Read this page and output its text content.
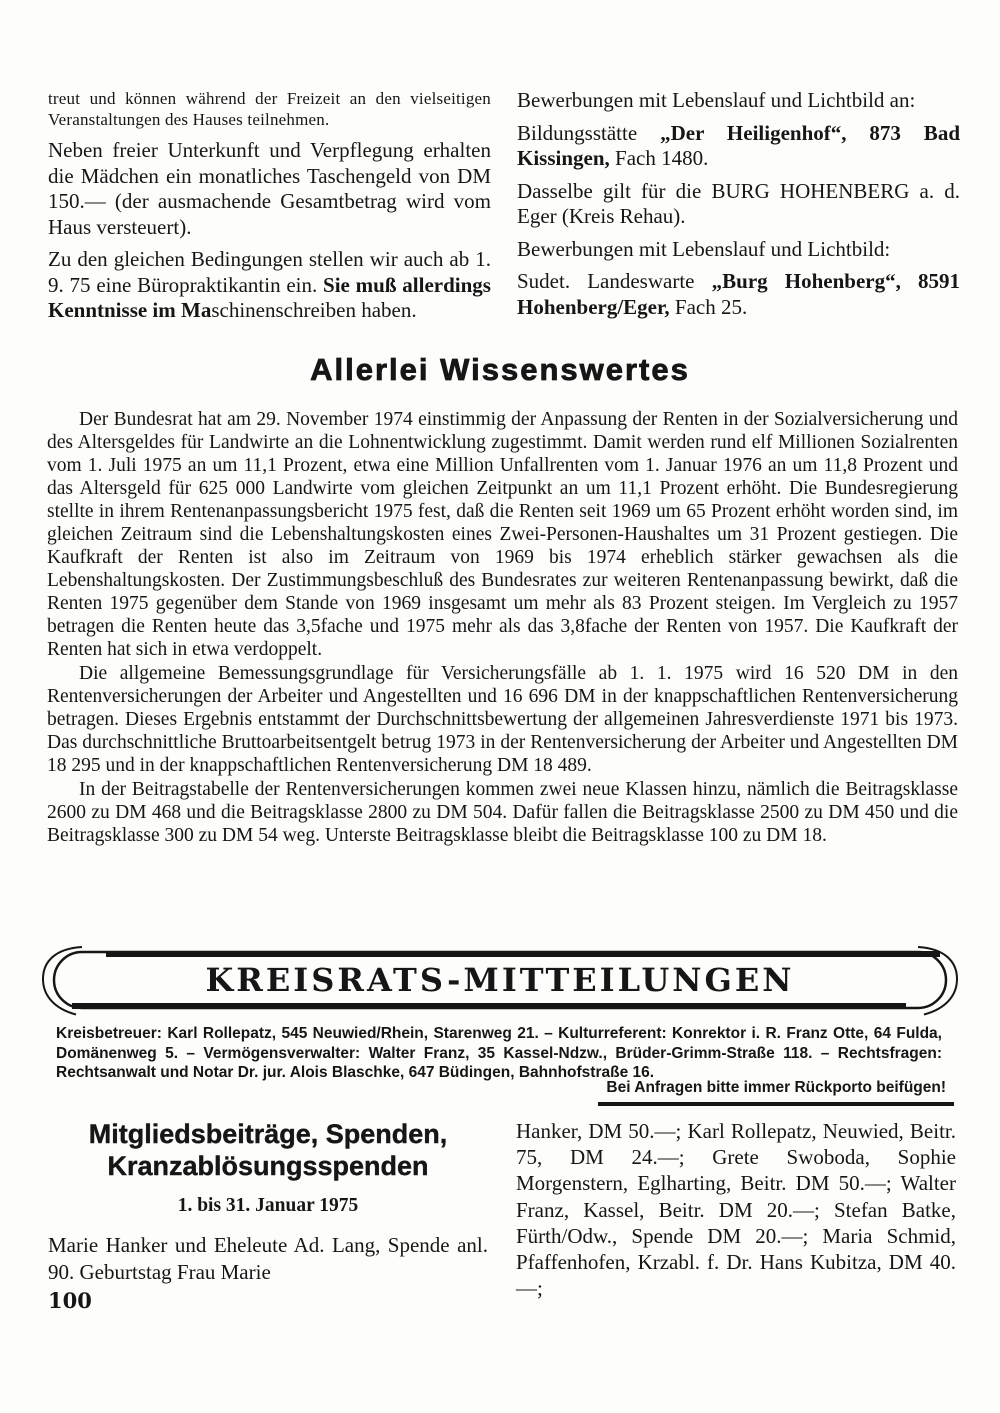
treut und können während der Freizeit an den vielseitigen Veranstaltungen des Hauses teilnehmen.

Neben freier Unterkunft und Verpflegung erhalten die Mädchen ein monatliches Taschengeld von DM 150.— (der ausmachende Gesamtbetrag wird vom Haus versteuert).

Zu den gleichen Bedingungen stellen wir auch ab 1. 9. 75 eine Büropraktikantin ein. Sie muß allerdings Kenntnisse im Maschinenschreiben haben.

Bewerbungen mit Lebenslauf und Lichtbild an:

Bildungsstätte „Der Heiligenhof“, 873 Bad Kissingen, Fach 1480.

Dasselbe gilt für die BURG HOHENBERG a. d. Eger (Kreis Rehau).

Bewerbungen mit Lebenslauf und Lichtbild:

Sudet. Landeswarte „Burg Hohenberg“, 8591 Hohenberg/Eger, Fach 25.

Allerlei Wissenswertes

Der Bundesrat hat am 29. November 1974 einstimmig der Anpassung der Renten in der Sozialversicherung und des Altersgeldes für Landwirte an die Lohnentwicklung zugestimmt. Damit werden rund elf Millionen Sozialrenten vom 1. Juli 1975 an um 11,1 Prozent, etwa eine Million Unfallrenten vom 1. Januar 1976 an um 11,8 Prozent und das Altersgeld für 625 000 Landwirte vom gleichen Zeitpunkt an um 11,1 Prozent erhöht. Die Bundesregierung stellte in ihrem Rentenanpassungsbericht 1975 fest, daß die Renten seit 1969 um 65 Prozent erhöht worden sind, im gleichen Zeitraum sind die Lebenshaltungskosten eines Zwei-Personen-Haushaltes um 31 Prozent gestiegen. Die Kaufkraft der Renten ist also im Zeitraum von 1969 bis 1974 erheblich stärker gewachsen als die Lebenshaltungskosten. Der Zustimmungsbeschluß des Bundesrates zur weiteren Rentenanpassung bewirkt, daß die Renten 1975 gegenüber dem Stande von 1969 insgesamt um mehr als 83 Prozent steigen. Im Vergleich zu 1957 betragen die Renten heute das 3,5fache und 1975 mehr als das 3,8fache der Renten von 1957. Die Kaufkraft der Renten hat sich in etwa verdoppelt.

Die allgemeine Bemessungsgrundlage für Versicherungsfälle ab 1. 1. 1975 wird 16 520 DM in den Rentenversicherungen der Arbeiter und Angestellten und 16 696 DM in der knappschaftlichen Rentenversicherung betragen. Dieses Ergebnis entstammt der Durchschnittsbewertung der allgemeinen Jahresverdienste 1971 bis 1973. Das durchschnittliche Bruttoarbeitsentgelt betrug 1973 in der Rentenversicherung der Arbeiter und Angestellten DM 18 295 und in der knappschaftlichen Rentenversicherung DM 18 489.

In der Beitragstabelle der Rentenversicherungen kommen zwei neue Klassen hinzu, nämlich die Beitragsklasse 2600 zu DM 468 und die Beitragsklasse 2800 zu DM 504. Dafür fallen die Beitragsklasse 2500 zu DM 450 und die Beitragsklasse 300 zu DM 54 weg. Unterste Beitragsklasse bleibt die Beitragsklasse 100 zu DM 18.

KREISRATS-MITTEILUNGEN

Kreisbetreuer: Karl Rollepatz, 545 Neuwied/Rhein, Starenweg 21. – Kulturreferent: Konrektor i. R. Franz Otte, 64 Fulda, Domänenweg 5. – Vermögensverwalter: Walter Franz, 35 Kassel-Ndzw., Brüder-Grimm-Straße 118. – Rechtsfragen: Rechtsanwalt und Notar Dr. jur. Alois Blaschke, 647 Büdingen, Bahnhofstraße 16.

Bei Anfragen bitte immer Rückporto beifügen!
Mitgliedsbeiträge, Spenden,
Kranzablösungsspenden
1. bis 31. Januar 1975

Marie Hanker und Eheleute Ad. Lang, Spende anl. 90. Geburtstag Frau Marie

Hanker, DM 50.—; Karl Rollepatz, Neuwied, Beitr. 75, DM 24.—; Grete Swoboda, Sophie Morgenstern, Eglharting, Beitr. DM 50.—; Walter Franz, Kassel, Beitr. DM 20.—; Stefan Batke, Fürth/Odw., Spende DM 20.—; Maria Schmid, Pfaffenhofen, Krzabl. f. Dr. Hans Kubitza, DM 40.—;

100
